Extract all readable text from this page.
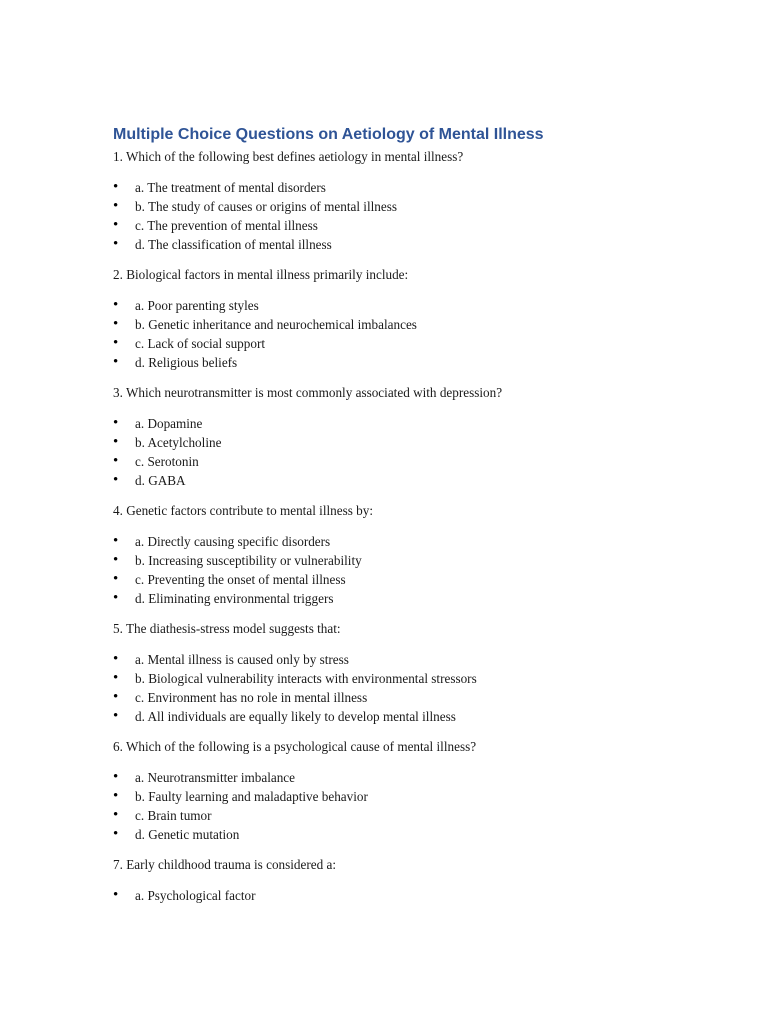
Multiple Choice Questions on Aetiology of Mental Illness

1. Which of the following best defines aetiology in mental illness?

•	a. The treatment of mental disorders
•	b. The study of causes or origins of mental illness
•	c. The prevention of mental illness
•	d. The classification of mental illness

2. Biological factors in mental illness primarily include:

•	a. Poor parenting styles
•	b. Genetic inheritance and neurochemical imbalances
•	c. Lack of social support
•	d. Religious beliefs

3. Which neurotransmitter is most commonly associated with depression?

•	a. Dopamine
•	b. Acetylcholine
•	c. Serotonin
•	d. GABA

4. Genetic factors contribute to mental illness by:

•	a. Directly causing specific disorders
•	b. Increasing susceptibility or vulnerability
•	c. Preventing the onset of mental illness
•	d. Eliminating environmental triggers

5. The diathesis-stress model suggests that:

•	a. Mental illness is caused only by stress
•	b. Biological vulnerability interacts with environmental stressors
•	c. Environment has no role in mental illness
•	d. All individuals are equally likely to develop mental illness

6. Which of the following is a psychological cause of mental illness?

•	a. Neurotransmitter imbalance
•	b. Faulty learning and maladaptive behavior
•	c. Brain tumor
•	d. Genetic mutation

7. Early childhood trauma is considered a:

•	a. Psychological factor
